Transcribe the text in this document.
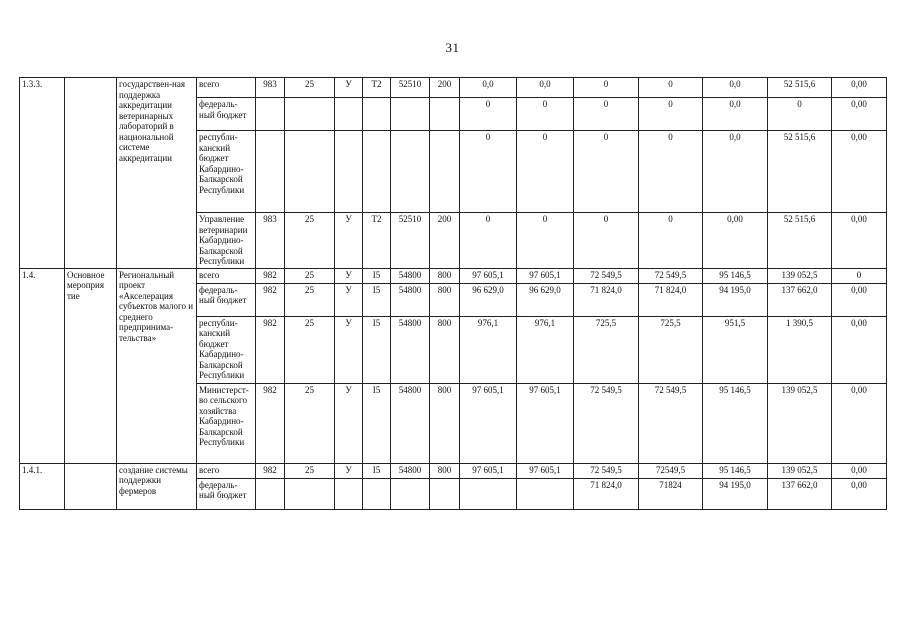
31
1.3.3.		государствен-ная поддержка аккредитации ветеринарных лабораторий в национальной системе аккредитации	всего	983	25	У	Т2	52510	200	0,0	0,0	0	0	0,0	52 515,6	0,00
			федераль-ный бюджет							0	0	0	0	0,0	0	0,00
			республи-канский бюджет Кабардино-Балкарской Республики							0	0	0	0	0,0	52 515,6	0,00
			Управление ветеринарии Кабардино-Балкарской Республики	983	25	У	Т2	52510	200	0	0	0	0	0,00	52 515,6	0,00
1.4.	Основное мероприя тие	Региональный проект «Акселерация субъектов малого и среднего предпринима-тельства»	всего	982	25	У	I5	54800	800	97 605,1	97 605,1	72 549,5	72 549,5	95 146,5	139 052,5	0
			федераль-ный бюджет	982	25	У	I5	54800	800	96 629,0	96 629,0	71 824,0	71 824,0	94 195,0	137 662,0	0,00
			республи-канский бюджет Кабардино-Балкарской Республики	982	25	У	I5	54800	800	976,1	976,1	725,5	725,5	951,5	1 390,5	0,00
			Министерст-во сельского хозяйства Кабардино-Балкарской Республики	982	25	У	I5	54800	800	97 605,1	97 605,1	72 549,5	72 549,5	95 146,5	139 052,5	0,00
1.4.1.		создание системы поддержки фермеров	всего	982	25	У	I5	54800	800	97 605,1	97 605,1	72 549,5	72549,5	95 146,5	139 052,5	0,00
			федераль-ный бюджет									71 824,0	71824	94 195,0	137 662,0	0,00
